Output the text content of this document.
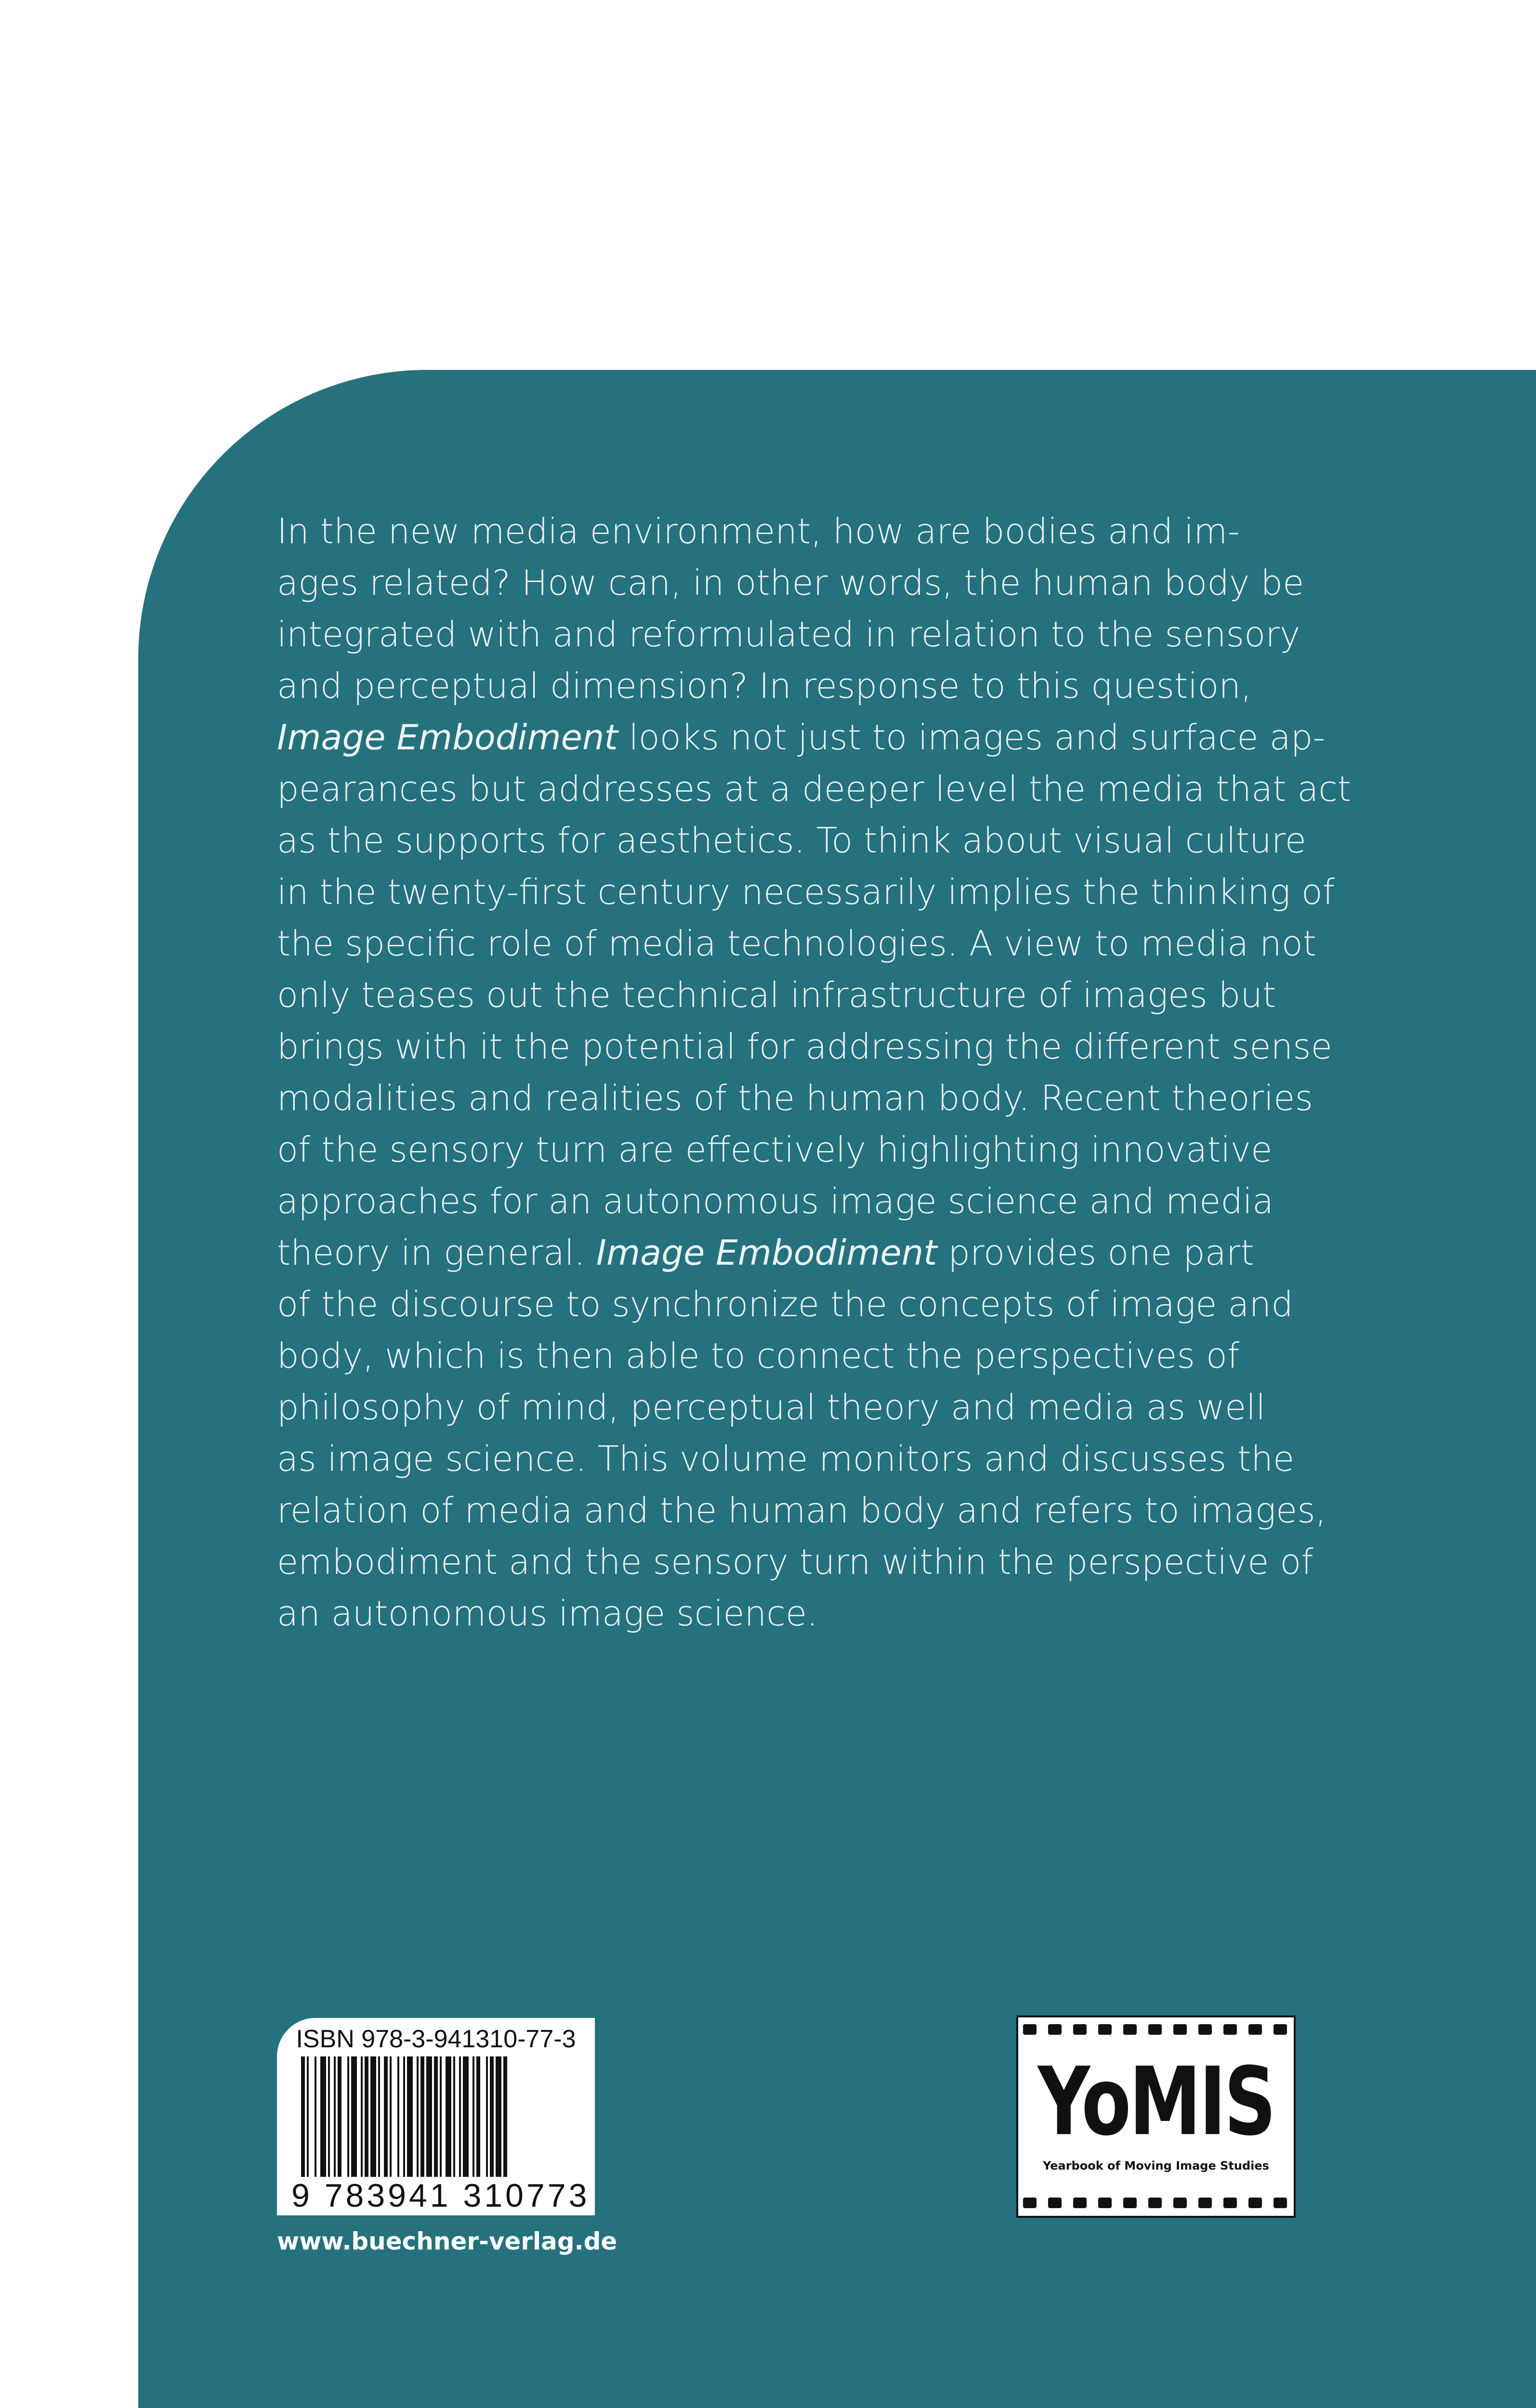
In the new media environment, how are bodies and im-
ages related? How can, in other words, the human body be
integrated with and reformulated in relation to the sensory
and perceptual dimension? In response to this question,
Image Embodiment looks not just to images and surface ap-
pearances but addresses at a deeper level the media that act
as the supports for aesthetics. To think about visual culture
in the twenty-first century necessarily implies the thinking of
the specific role of media technologies. A view to media not
only teases out the technical infrastructure of images but
brings with it the potential for addressing the different sense
modalities and realities of the human body. Recent theories
of the sensory turn are effectively highlighting innovative
approaches for an autonomous image science and media
theory in general. Image Embodiment provides one part
of the discourse to synchronize the concepts of image and
body, which is then able to connect the perspectives of
philosophy of mind, perceptual theory and media as well
as image science. This volume monitors and discusses the
relation of media and the human body and refers to images,
embodiment and the sensory turn within the perspective of
an autonomous image science.

ISBN 978-3-941310-77-3
9 783941 310773
www.buechner-verlag.de
YoMIS
Yearbook of Moving Image Studies
